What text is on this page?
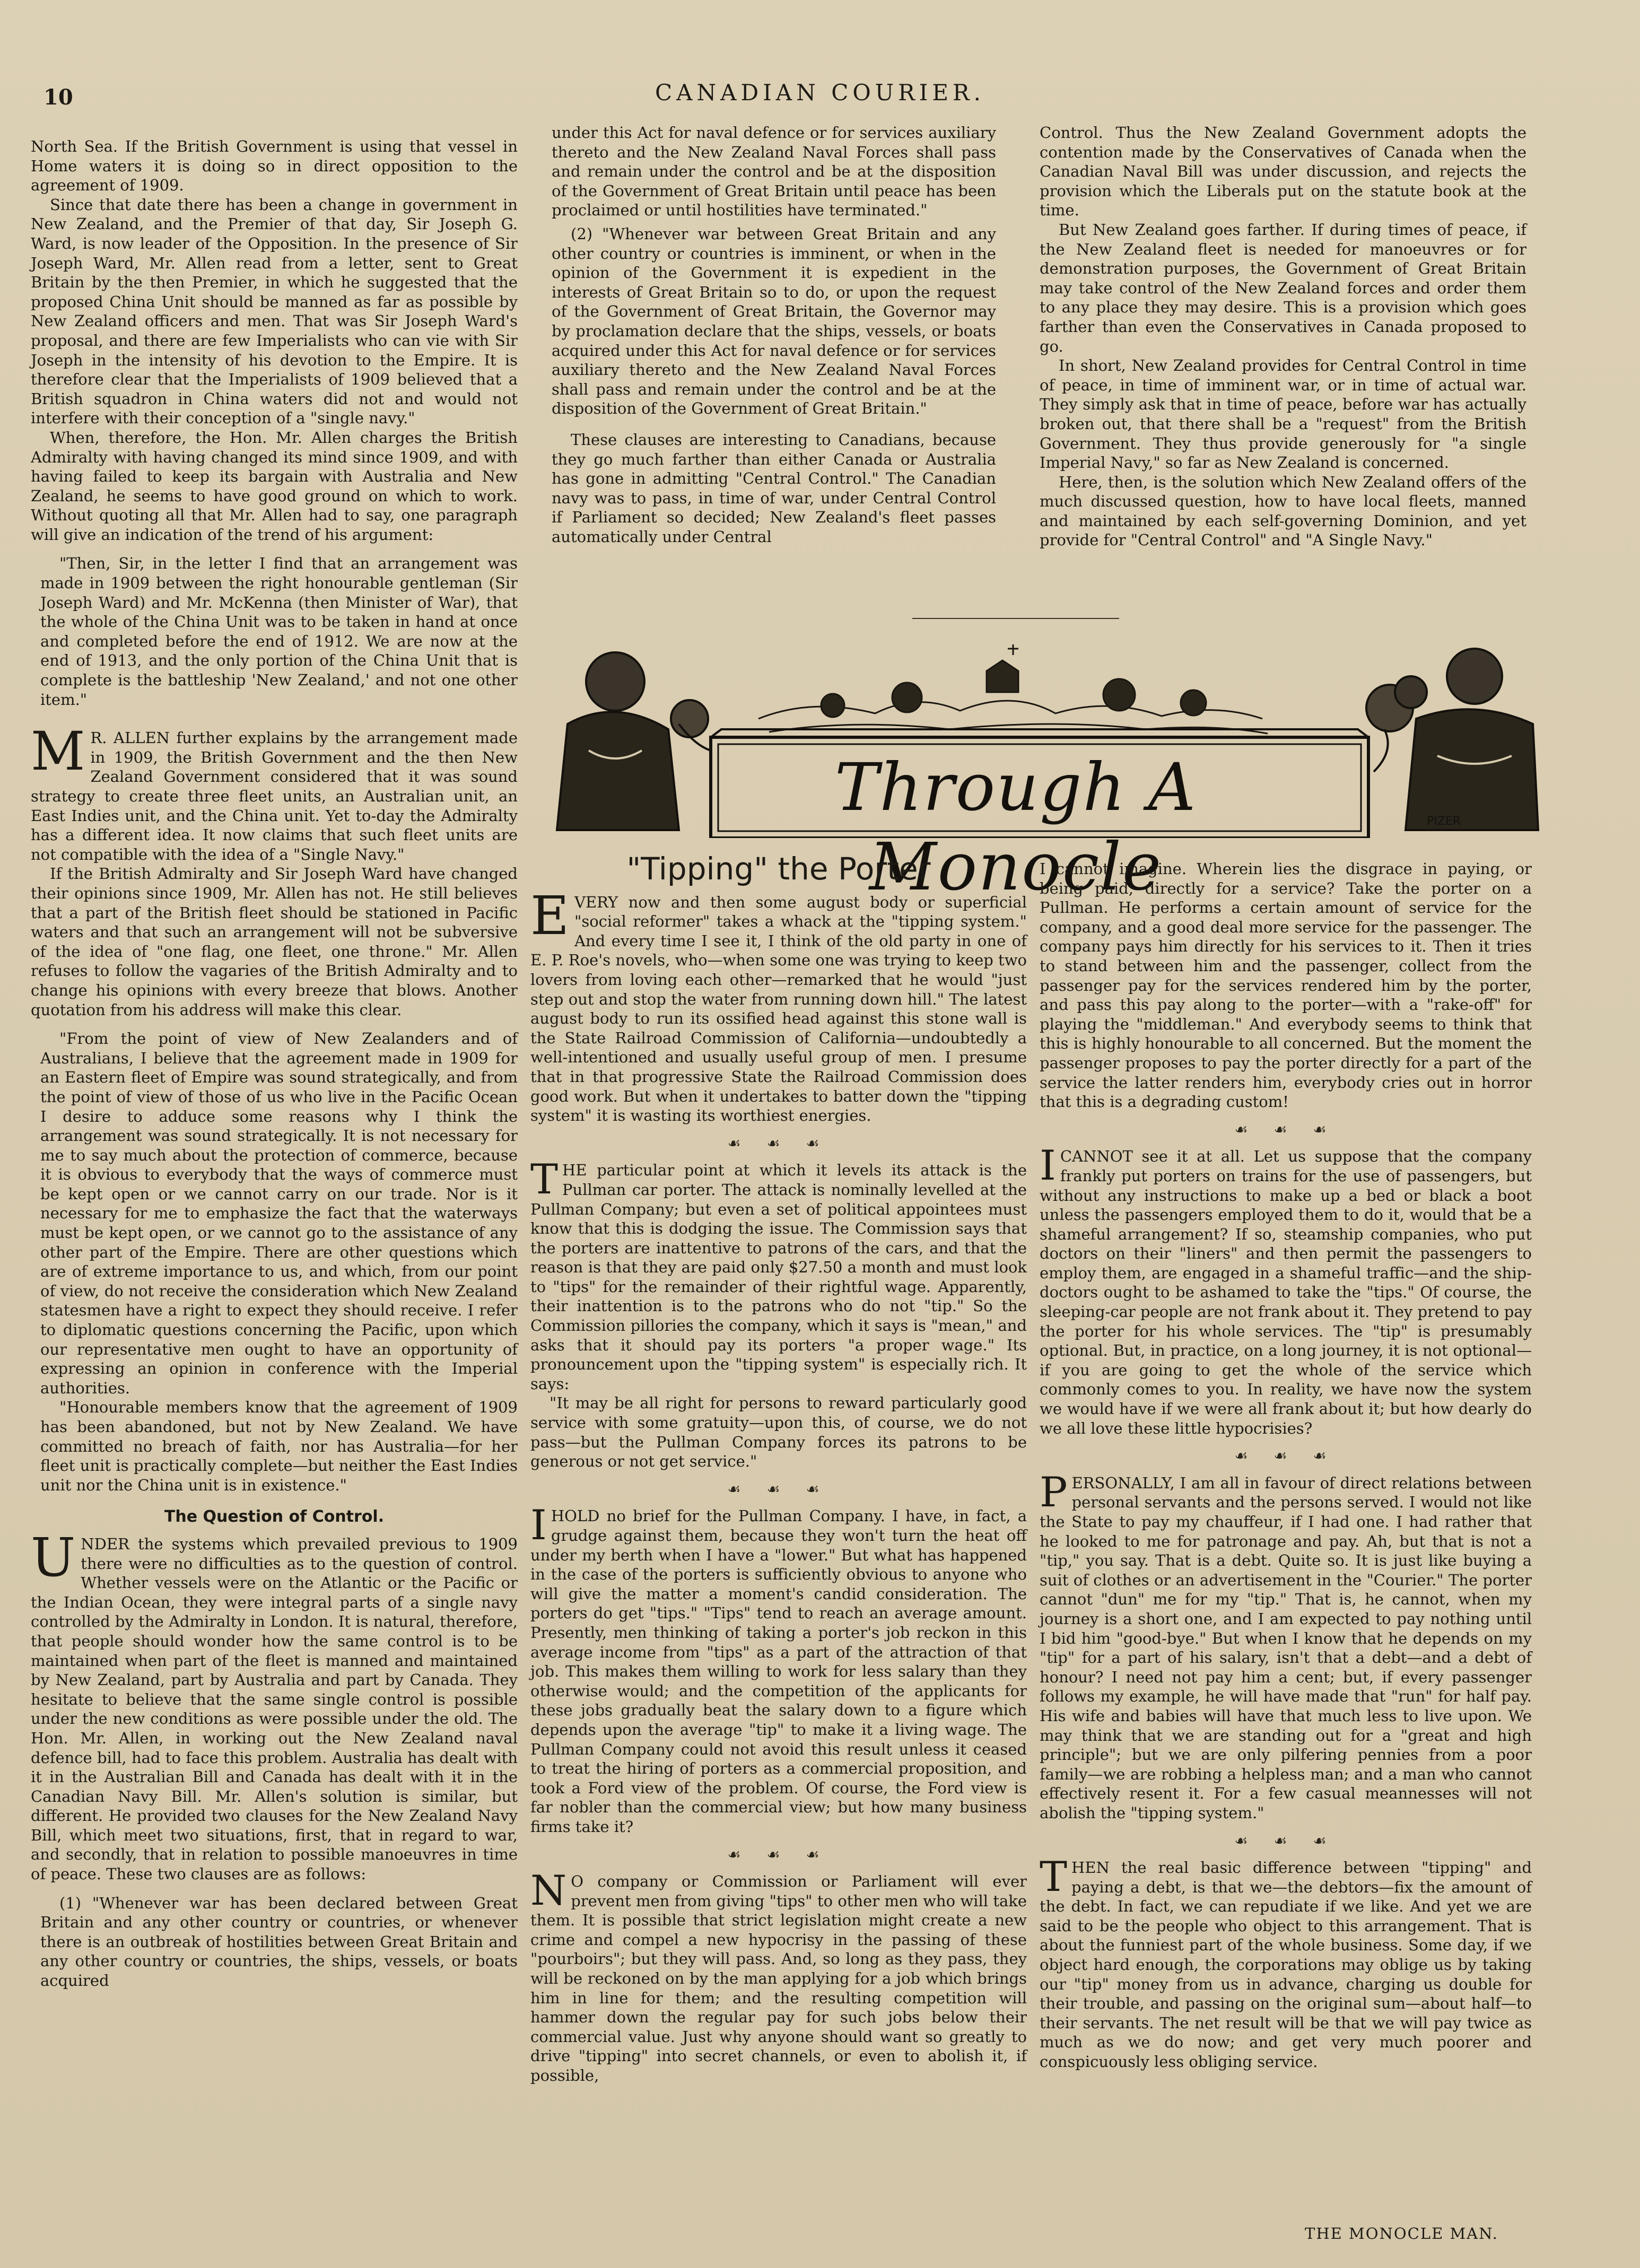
10	CANADIAN COURIER.

North Sea. If the British Government is using that vessel in Home waters it is doing so in direct opposition to the agreement of 1909.

Since that date there has been a change in government in New Zealand, and the Premier of that day, Sir Joseph G. Ward, is now leader of the Opposition. In the presence of Sir Joseph Ward, Mr. Allen read from a letter, sent to Great Britain by the then Premier, in which he suggested that the proposed China Unit should be manned as far as possible by New Zealand officers and men. That was Sir Joseph Ward's proposal, and there are few Imperialists who can vie with Sir Joseph in the intensity of his devotion to the Empire. It is therefore clear that the Imperialists of 1909 believed that a British squadron in China waters did not and would not interfere with their conception of a "single navy."

When, therefore, the Hon. Mr. Allen charges the British Admiralty with having changed its mind since 1909, and with having failed to keep its bargain with Australia and New Zealand, he seems to have good ground on which to work. Without quoting all that Mr. Allen had to say, one paragraph will give an indication of the trend of his argument:

"Then, Sir, in the letter I find that an arrangement was made in 1909 between the right honourable gentleman (Sir Joseph Ward) and Mr. McKenna (then Minister of War), that the whole of the China Unit was to be taken in hand at once and completed before the end of 1912. We are now at the end of 1913, and the only portion of the China Unit that is complete is the battleship 'New Zealand,' and not one other item."

M R. ALLEN further explains by the arrangement made in 1909, the British Government and the then New Zealand Government considered that it was sound strategy to create three fleet units, an Australian unit, an East Indies unit, and the China unit. Yet to-day the Admiralty has a different idea. It now claims that such fleet units are not compatible with the idea of a "Single Navy."

If the British Admiralty and Sir Joseph Ward have changed their opinions since 1909, Mr. Allen has not. He still believes that a part of the British fleet should be stationed in Pacific waters and that such an arrangement will not be subversive of the idea of "one flag, one fleet, one throne." Mr. Allen refuses to follow the vagaries of the British Admiralty and to change his opinions with every breeze that blows. Another quotation from his address will make this clear.

"From the point of view of New Zealanders and of Australians, I believe that the agreement made in 1909 for an Eastern fleet of Empire was sound strategically, and from the point of view of those of us who live in the Pacific Ocean I desire to adduce some reasons why I think the arrangement was sound strategically. It is not necessary for me to say much about the protection of commerce, because it is obvious to everybody that the ways of commerce must be kept open or we cannot carry on our trade. Nor is it necessary for me to emphasize the fact that the waterways must be kept open, or we cannot go to the assistance of any other part of the Empire. There are other questions which are of extreme importance to us, and which, from our point of view, do not receive the consideration which New Zealand statesmen have a right to expect they should receive. I refer to diplomatic questions concerning the Pacific, upon which our representative men ought to have an opportunity of expressing an opinion in conference with the Imperial authorities.

"Honourable members know that the agreement of 1909 has been abandoned, but not by New Zealand. We have committed no breach of faith, nor has Australia—for her fleet unit is practically complete—but neither the East Indies unit nor the China unit is in existence."

The Question of Control.

UNDER the systems which prevailed previous to 1909 there were no difficulties as to the question of control. Whether vessels were on the Atlantic or the Pacific or the Indian Ocean, they were integral parts of a single navy controlled by the Admiralty in London. It is natural, therefore, that people should wonder how the same control is to be maintained when part of the fleet is manned and maintained by New Zealand, part by Australia and part by Canada. They hesitate to believe that the same single control is possible under the new conditions as were possible under the old. The Hon. Mr. Allen, in working out the New Zealand naval defence bill, had to face this problem. Australia has dealt with it in the Australian Bill and Canada has dealt with it in the Canadian Navy Bill. Mr. Allen's solution is similar, but different. He provided two clauses for the New Zealand Navy Bill, which meet two situations, first, that in regard to war, and secondly, that in relation to possible manoeuvres in time of peace. These two clauses are as follows:

(1) "Whenever war has been declared between Great Britain and any other country or countries, or whenever there is an outbreak of hostilities between Great Britain and any other country or countries, the ships, vessels, or boats acquired

under this Act for naval defence or for services auxiliary thereto and the New Zealand Naval Forces shall pass and remain under the control and be at the disposition of the Government of Great Britain until peace has been proclaimed or until hostilities have terminated."

(2) "Whenever war between Great Britain and any other country or countries is imminent, or when in the opinion of the Government it is expedient in the interests of Great Britain so to do, or upon the request of the Government of Great Britain, the Governor may by proclamation declare that the ships, vessels, or boats acquired under this Act for naval defence or for services auxiliary thereto and the New Zealand Naval Forces shall pass and remain under the control and be at the disposition of the Government of Great Britain."

These clauses are interesting to Canadians, because they go much farther than either Canada or Australia has gone in admitting "Central Control." The Canadian navy was to pass, in time of war, under Central Control if Parliament so decided; New Zealand's fleet passes automatically under Central

Control. Thus the New Zealand Government adopts the contention made by the Conservatives of Canada when the Canadian Naval Bill was under discussion, and rejects the provision which the Liberals put on the statute book at the time.

But New Zealand goes farther. If during times of peace, if the New Zealand fleet is needed for manoeuvres or for demonstration purposes, the Government of Great Britain may take control of the New Zealand forces and order them to any place they may desire. This is a provision which goes farther than even the Conservatives in Canada proposed to go.

In short, New Zealand provides for Central Control in time of peace, in time of imminent war, or in time of actual war. They simply ask that in time of peace, before war has actually broken out, that there shall be a "request" from the British Government. They thus provide generously for "a single Imperial Navy," so far as New Zealand is concerned.

Here, then, is the solution which New Zealand offers of the much discussed question, how to have local fleets, manned and maintained by each self-governing Dominion, and yet provide for "Central Control" and "A Single Navy."

PIZER
Through A Monocle
"Tipping" the Porter

EVERY now and then some august body or superficial "social reformer" takes a whack at the "tipping system." And every time I see it, I think of the old party in one of E. P. Roe's novels, who—when some one was trying to keep two lovers from loving each other—remarked that he would "just step out and stop the water from running down hill." The latest august body to run its ossified head against this stone wall is the State Railroad Commission of California—undoubtedly a well-intentioned and usually useful group of men. I presume that in that progressive State the Railroad Commission does good work. But when it undertakes to batter down the "tipping system" it is wasting its worthiest energies.

☙ ☙ ☙

THE particular point at which it levels its attack is the Pullman car porter. The attack is nominally levelled at the Pullman Company; but even a set of political appointees must know that this is dodging the issue. The Commission says that the porters are inattentive to patrons of the cars, and that the reason is that they are paid only $27.50 a month and must look to "tips" for the remainder of their rightful wage. Apparently, their inattention is to the patrons who do not "tip." So the Commission pillories the company, which it says is "mean," and asks that it should pay its porters "a proper wage." Its pronouncement upon the "tipping system" is especially rich. It says:

"It may be all right for persons to reward particularly good service with some gratuity—upon this, of course, we do not pass—but the Pullman Company forces its patrons to be generous or not get service."

☙ ☙ ☙

IHOLD no brief for the Pullman Company. I have, in fact, a grudge against them, because they won't turn the heat off under my berth when I have a "lower." But what has happened in the case of the porters is sufficiently obvious to anyone who will give the matter a moment's candid consideration. The porters do get "tips." "Tips" tend to reach an average amount. Presently, men thinking of taking a porter's job reckon in this average income from "tips" as a part of the attraction of that job. This makes them willing to work for less salary than they otherwise would; and the competition of the applicants for these jobs gradually beat the salary down to a figure which depends upon the average "tip" to make it a living wage. The Pullman Company could not avoid this result unless it ceased to treat the hiring of porters as a commercial proposition, and took a Ford view of the problem. Of course, the Ford view is far nobler than the commercial view; but how many business firms take it?

☙ ☙ ☙

N O company or Commission or Parliament will ever prevent men from giving "tips" to other men who will take them. It is possible that strict legislation might create a new crime and compel a new hypocrisy in the passing of these "pourboirs"; but they will pass. And, so long as they pass, they will be reckoned on by the man applying for a job which brings him in line for them; and the resulting competition will hammer down the regular pay for such jobs below their commercial value. Just why anyone should want so greatly to drive "tipping" into secret channels, or even to abolish it, if possible,

I cannot imagine. Wherein lies the disgrace in paying, or being paid, directly for a service? Take the porter on a Pullman. He performs a certain amount of service for the company, and a good deal more service for the passenger. The company pays him directly for his services to it. Then it tries to stand between him and the passenger, collect from the passenger pay for the services rendered him by the porter, and pass this pay along to the porter—with a "rake-off" for playing the "middleman." And everybody seems to think that this is highly honourable to all concerned. But the moment the passenger proposes to pay the porter directly for a part of the service the latter renders him, everybody cries out in horror that this is a degrading custom!

☙ ☙ ☙

ICANNOT see it at all. Let us suppose that the company frankly put porters on trains for the use of passengers, but without any instructions to make up a bed or black a boot unless the passengers employed them to do it, would that be a shameful arrangement? If so, steamship companies, who put doctors on their "liners" and then permit the passengers to employ them, are engaged in a shameful traffic—and the ship-doctors ought to be ashamed to take the "tips." Of course, the sleeping-car people are not frank about it. They pretend to pay the porter for his whole services. The "tip" is presumably optional. But, in practice, on a long journey, it is not optional—if you are going to get the whole of the service which commonly comes to you. In reality, we have now the system we would have if we were all frank about it; but how dearly do we all love these little hypocrisies?

☙ ☙ ☙

PERSONALLY, I am all in favour of direct relations between personal servants and the persons served. I would not like the State to pay my chauffeur, if I had one. I had rather that he looked to me for patronage and pay. Ah, but that is not a "tip," you say. That is a debt. Quite so. It is just like buying a suit of clothes or an advertisement in the "Courier." The porter cannot "dun" me for my "tip." That is, he cannot, when my journey is a short one, and I am expected to pay nothing until I bid him "good-bye." But when I know that he depends on my "tip" for a part of his salary, isn't that a debt—and a debt of honour? I need not pay him a cent; but, if every passenger follows my example, he will have made that "run" for half pay. His wife and babies will have that much less to live upon. We may think that we are standing out for a "great and high principle"; but we are only pilfering pennies from a poor family—we are robbing a helpless man; and a man who cannot effectively resent it. For a few casual meannesses will not abolish the "tipping system."

☙ ☙ ☙

THEN the real basic difference between "tipping" and paying a debt, is that we—the debtors—fix the amount of the debt. In fact, we can repudiate if we like. And yet we are said to be the people who object to this arrangement. That is about the funniest part of the whole business. Some day, if we object hard enough, the corporations may oblige us by taking our "tip" money from us in advance, charging us double for their trouble, and passing on the original sum—about half—to their servants. The net result will be that we will pay twice as much as we do now; and get very much poorer and conspicuously less obliging service.

THE MONOCLE MAN.
